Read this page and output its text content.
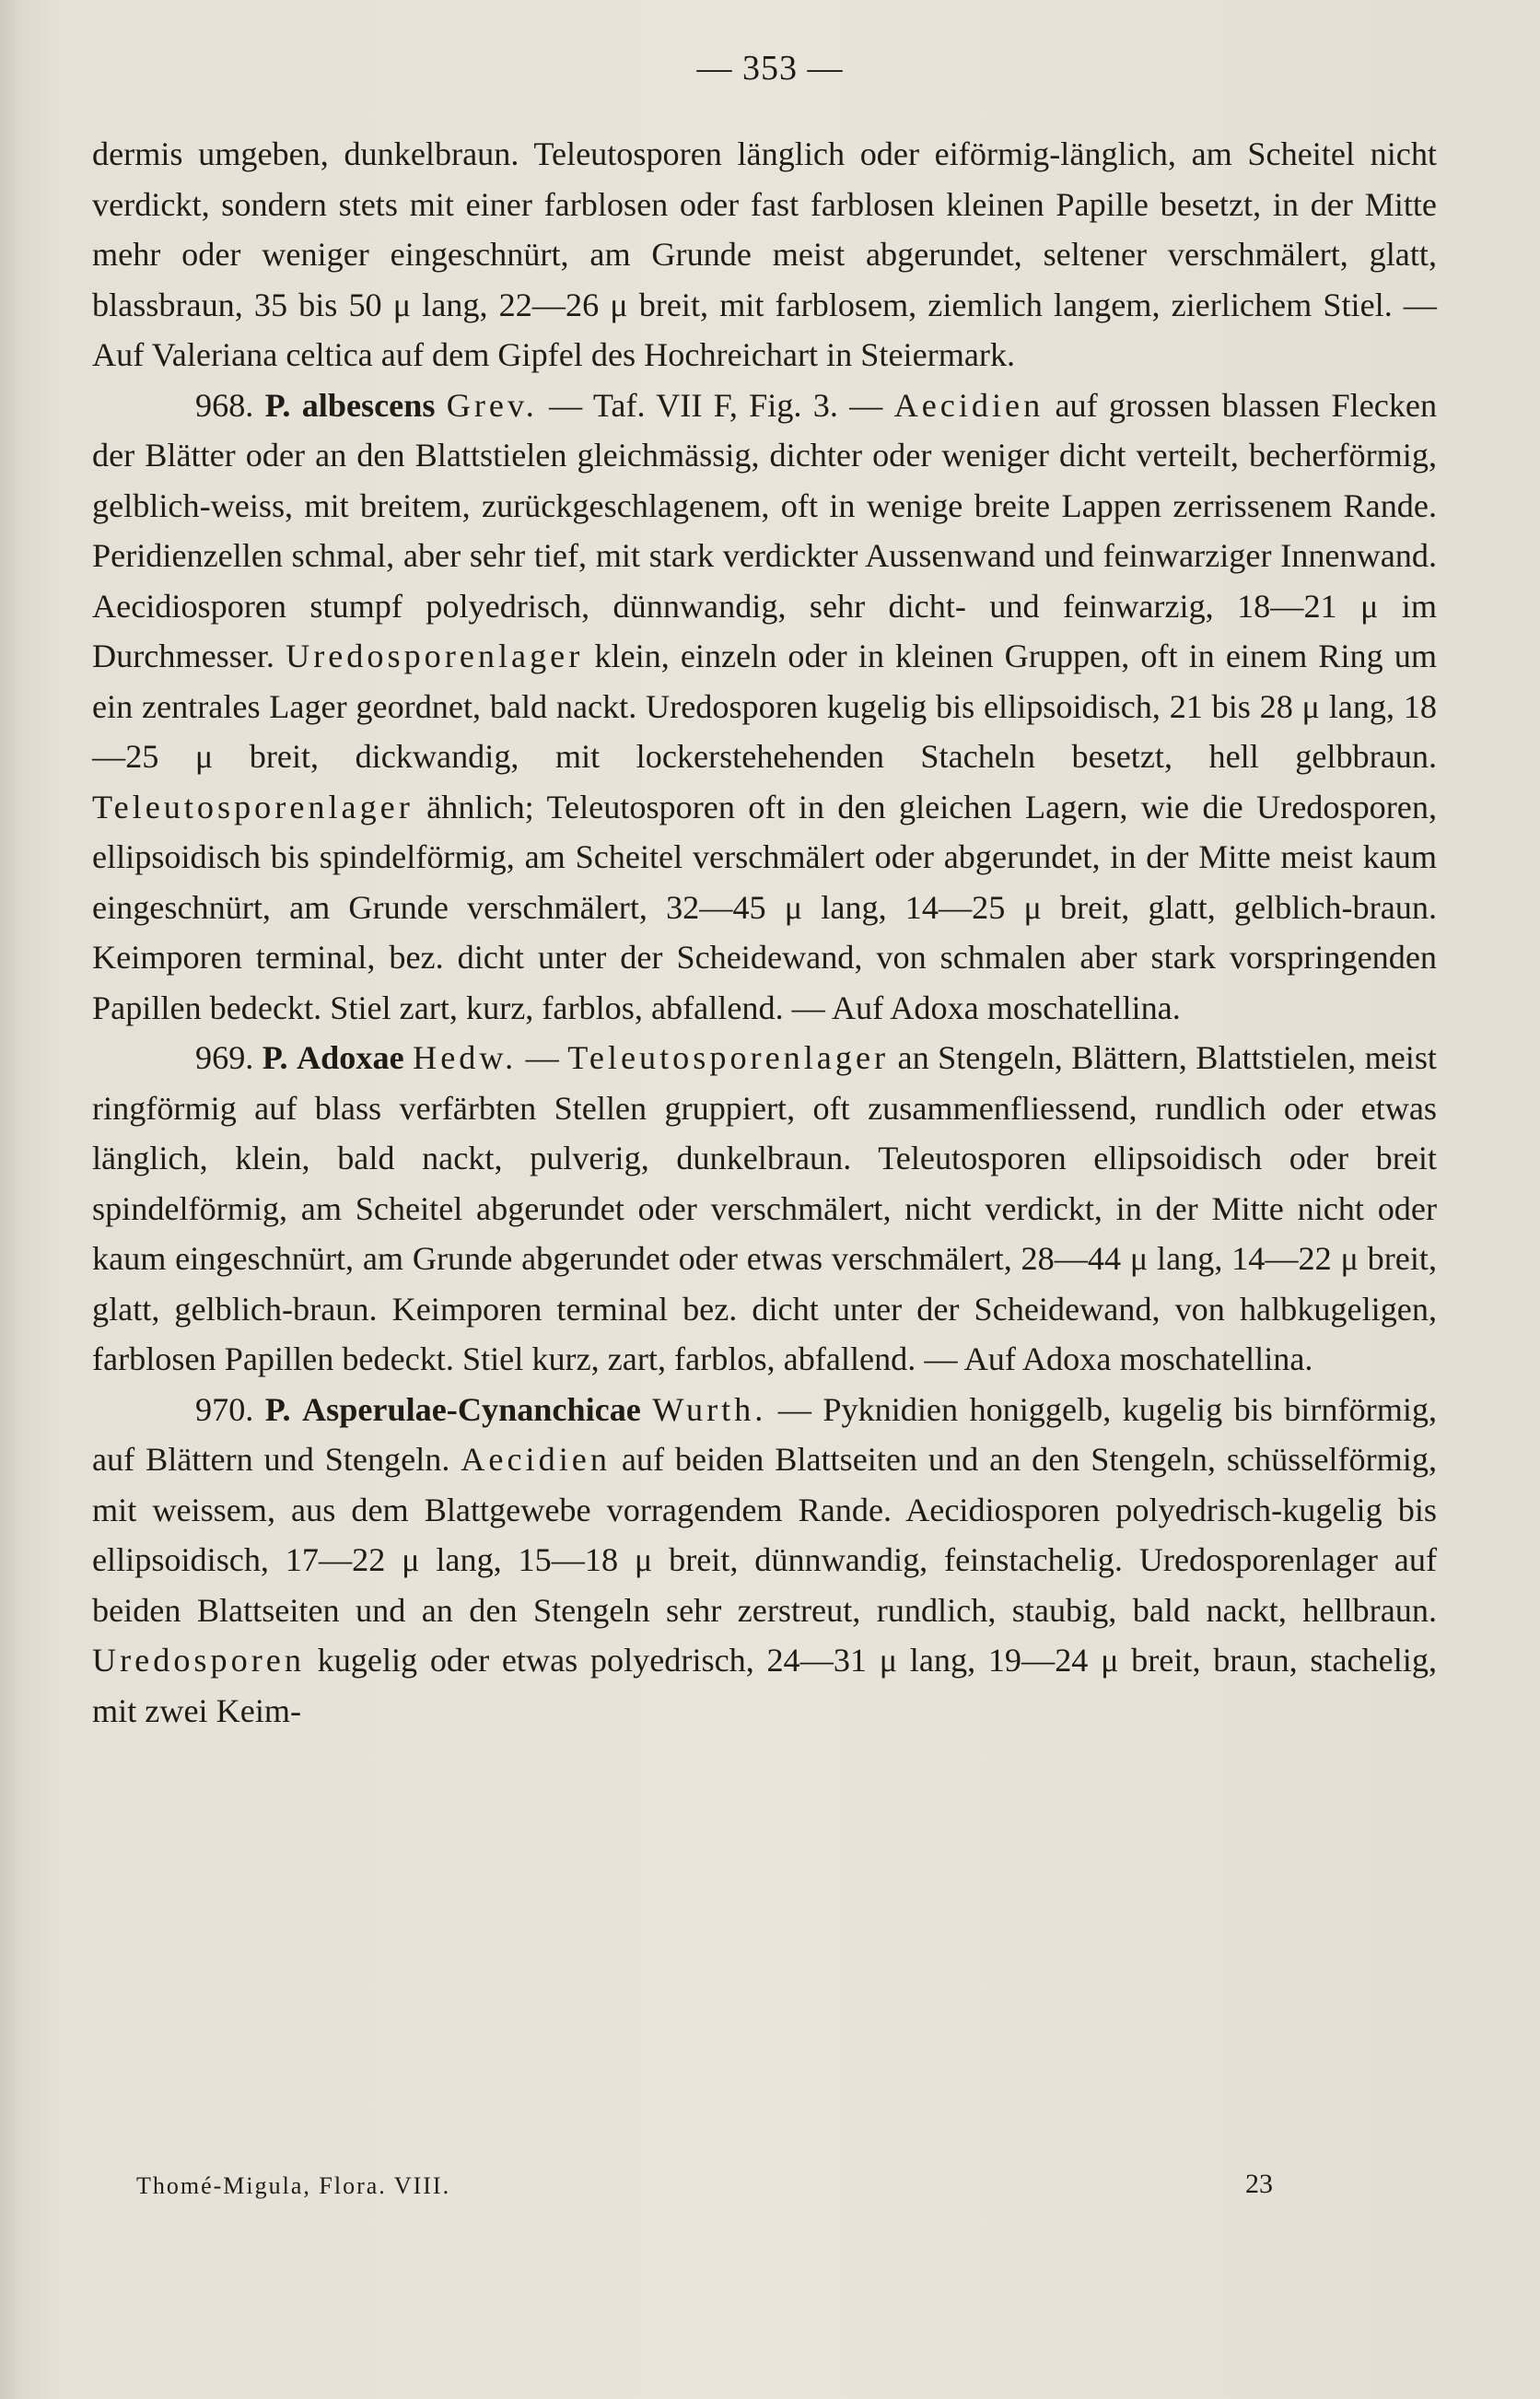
— 353 —

dermis umgeben, dunkelbraun. Teleutosporen länglich oder eiförmig-länglich, am Scheitel nicht verdickt, sondern stets mit einer farblosen oder fast farblosen kleinen Papille besetzt, in der Mitte mehr oder weniger eingeschnürt, am Grunde meist abgerundet, seltener verschmälert, glatt, blassbraun, 35 bis 50 μ lang, 22—26 μ breit, mit farblosem, ziemlich langem, zierlichem Stiel. — Auf Valeriana celtica auf dem Gipfel des Hochreichart in Steiermark.

968. P. albescens Grev. — Taf. VII F, Fig. 3. — Aecidien auf grossen blassen Flecken der Blätter oder an den Blattstielen gleichmässig, dichter oder weniger dicht verteilt, becherförmig, gelblich-weiss, mit breitem, zurückgeschlagenem, oft in wenige breite Lappen zerrissenem Rande. Peridienzellen schmal, aber sehr tief, mit stark verdickter Aussenwand und feinwarziger Innenwand. Aecidiosporen stumpf polyedrisch, dünnwandig, sehr dicht- und feinwarzig, 18—21 μ im Durchmesser. Uredosporenlager klein, einzeln oder in kleinen Gruppen, oft in einem Ring um ein zentrales Lager geordnet, bald nackt. Uredosporen kugelig bis ellipsoidisch, 21 bis 28 μ lang, 18—25 μ breit, dickwandig, mit lockerstehehenden Stacheln besetzt, hell gelbbraun. Teleutosporenlager ähnlich; Teleutosporen oft in den gleichen Lagern, wie die Uredosporen, ellipsoidisch bis spindelförmig, am Scheitel verschmälert oder abgerundet, in der Mitte meist kaum eingeschnürt, am Grunde verschmälert, 32—45 μ lang, 14—25 μ breit, glatt, gelblich-braun. Keimporen terminal, bez. dicht unter der Scheidewand, von schmalen aber stark vorspringenden Papillen bedeckt. Stiel zart, kurz, farblos, abfallend. — Auf Adoxa moschatellina.

969. P. Adoxae Hedw. — Teleutosporenlager an Stengeln, Blättern, Blattstielen, meist ringförmig auf blass verfärbten Stellen gruppiert, oft zusammenfliessend, rundlich oder etwas länglich, klein, bald nackt, pulverig, dunkelbraun. Teleutosporen ellipsoidisch oder breit spindelförmig, am Scheitel abgerundet oder verschmälert, nicht verdickt, in der Mitte nicht oder kaum eingeschnürt, am Grunde abgerundet oder etwas verschmälert, 28—44 μ lang, 14—22 μ breit, glatt, gelblich-braun. Keimporen terminal bez. dicht unter der Scheidewand, von halbkugeligen, farblosen Papillen bedeckt. Stiel kurz, zart, farblos, abfallend. — Auf Adoxa moschatellina.

970. P. Asperulae-Cynanchicae Wurth. — Pyknidien honiggelb, kugelig bis birnförmig, auf Blättern und Stengeln. Aecidien auf beiden Blattseiten und an den Stengeln, schüsselförmig, mit weissem, aus dem Blattgewebe vorragendem Rande. Aecidiosporen polyedrisch-kugelig bis ellipsoidisch, 17—22 μ lang, 15—18 μ breit, dünnwandig, feinstachelig. Uredosporenlager auf beiden Blattseiten und an den Stengeln sehr zerstreut, rundlich, staubig, bald nackt, hellbraun. Uredosporen kugelig oder etwas polyedrisch, 24—31 μ lang, 19—24 μ breit, braun, stachelig, mit zwei Keim-

Thomé-Migula, Flora. VIII.	23
